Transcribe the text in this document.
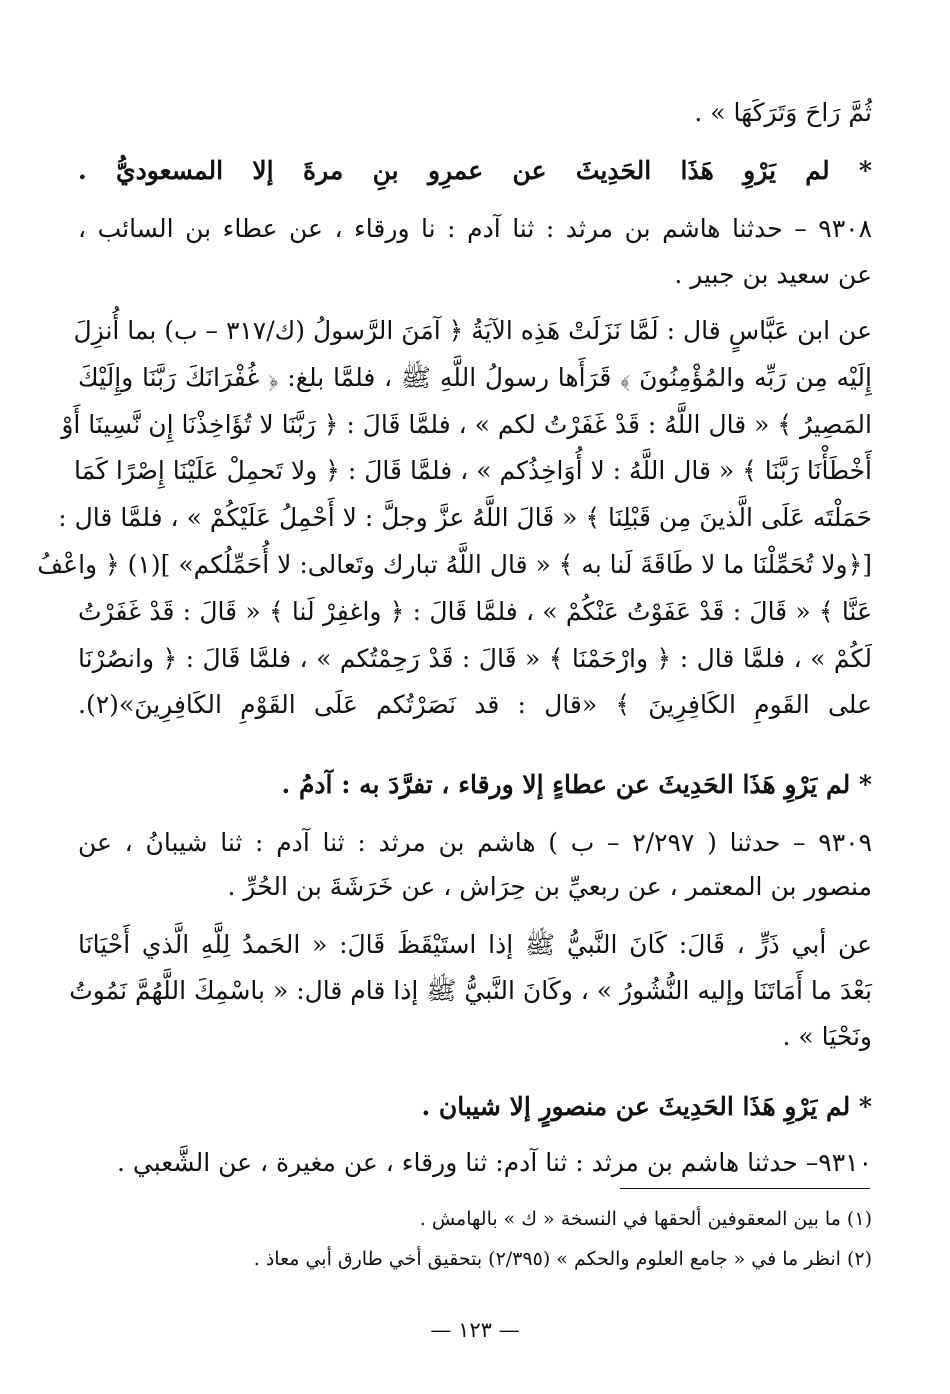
ثُمَّ رَاحَ وَتَرَكَهَا » .
* لم يَرْوِ هَذَا الحَدِيثَ عن عمرِو بنِ مرةَ إلا المسعوديُّ .
٩٣٠٨ – حدثنا هاشم بن مرثد : ثنا آدم : نا ورقاء ، عن عطاء بن السائب ،
عن سعيد بن جبير .
عن ابن عَبَّاسٍ قال : لَمَّا نَزَلَتْ هَذِه الآيَةُ ﴿ آمَنَ الرَّسولُ (ك/٣١٧ – ب) بما أُنزِلَ
إِلَيْه مِن رَبِّه والمُؤْمِنُونَ ﴾ قَرَأَها رسولُ اللَّهِ ﷺ ، فلمَّا بلغ: ﴿ غُفْرَانَكَ رَبَّنَا وإِلَيْكَ
المَصِيرُ ﴾ « قال اللَّهُ : قَدْ غَفَرْتُ لكم » ، فلمَّا قَالَ : ﴿ رَبَّنَا لا تُؤَاخِذْنَا إِن نَّسِينَا أَوْ
أَخْطَأْنَا رَبَّنَا ﴾ « قال اللَّهُ : لا أُوَاخِذُكم » ، فلمَّا قَالَ : ﴿ ولا تَحمِلْ عَلَيْنَا إِصْرًا كَمَا
حَمَلْتَه عَلَى الَّذينَ مِن قَبْلِنَا ﴾ « قَالَ اللَّهُ عزَّ وجلَّ : لا أَحْمِلُ عَلَيْكُمْ » ، فلمَّا قال :
[﴿ولا تُحَمِّلْنَا ما لا طَاقَةَ لَنا به ﴾ « قال اللَّهُ تبارك وتَعالى: لا أُحَمِّلُكم» ](١) ﴿ واعْفُ
عَنَّا ﴾ « قَالَ : قَدْ عَفَوْتُ عَنْكُمْ » ، فلمَّا قَالَ : ﴿ واغفِرْ لَنا ﴾ « قَالَ : قَدْ غَفَرْتُ
لَكُمْ » ، فلمَّا قال : ﴿ وارْحَمْنَا ﴾ « قَالَ : قَدْ رَحِمْتُكم » ، فلمَّا قَالَ : ﴿ وانصُرْنَا
على القَومِ الكَافِرِينَ ﴾ «قال : قد نَصَرْتُكم عَلَى القَوْمِ الكَافِرِينَ»(٢).
* لم يَرْوِ هَذَا الحَدِيثَ عن عطاءٍ إلا ورقاء ، تفرَّدَ به : آدمُ .
٩٣٠٩ – حدثنا ( ٢/٢٩٧ – ب ) هاشم بن مرثد : ثنا آدم : ثنا شيبانُ ، عن
منصور بن المعتمر ، عن ربعيِّ بن حِرَاش ، عن خَرَشَةَ بن الحُرِّ .
عن أبي ذَرٍّ ، قَالَ: كَانَ النَّبيُّ ﷺ إذا استَيْقَظَ قَالَ: « الحَمدُ لِلَّهِ الَّذي أَحْيَانَا
بَعْدَ ما أَمَاتَنَا وإليه النُّشُورُ » ، وكَانَ النَّبيُّ ﷺ إذا قام قال: « باسْمِكَ اللَّهُمَّ نَمُوتُ
ونَحْيَا » .
* لم يَرْوِ هَذَا الحَدِيثَ عن منصورٍ إلا شيبان .
٩٣١٠– حدثنا هاشم بن مرثد : ثنا آدم: ثنا ورقاء ، عن مغيرة ، عن الشَّعبي .
(١) ما بين المعقوفين ألحقها في النسخة « ك » بالهامش .
(٢) انظر ما في « جامع العلوم والحكم » (٢/٣٩٥) بتحقيق أخي طارق أبي معاذ .
— ١٢٣ —
